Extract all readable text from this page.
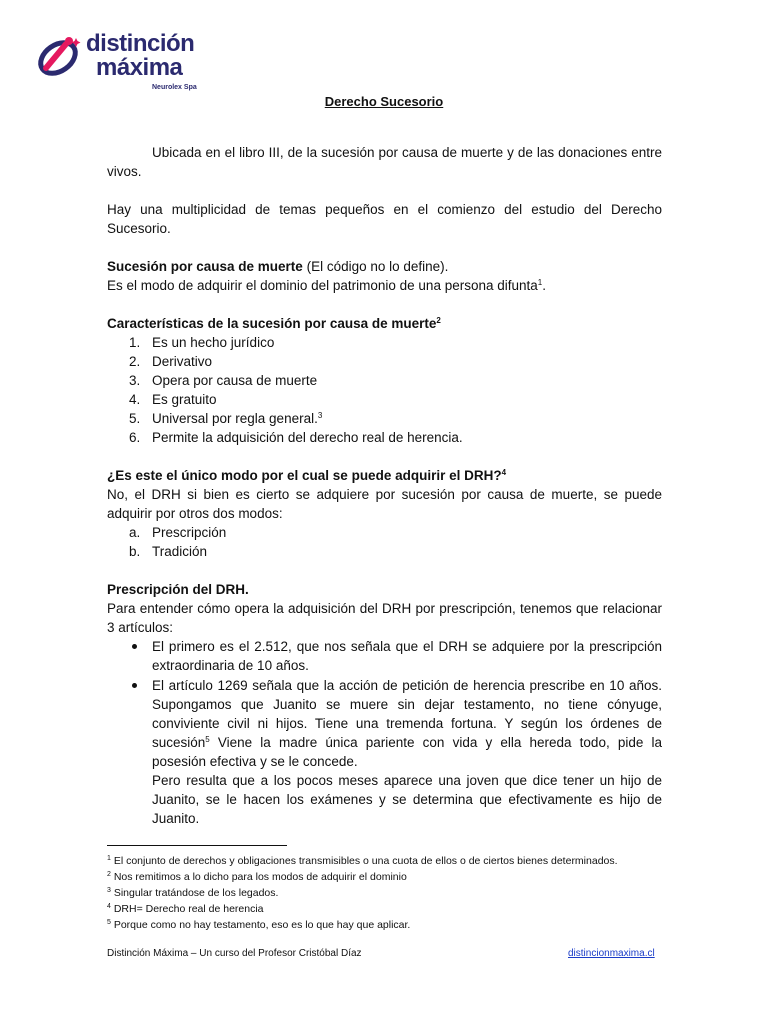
distinción
máxima
Neurolex Spa
Derecho Sucesorio

Ubicada en el libro III, de la sucesión por causa de muerte y de las donaciones entre vivos.

Hay una multiplicidad de temas pequeños en el comienzo del estudio del Derecho Sucesorio.

Sucesión por causa de muerte (El código no lo define).

Es el modo de adquirir el dominio del patrimonio de una persona difunta$^1$.

Características de la sucesión por causa de muerte$^2$

1. Es un hecho jurídico
2. Derivativo
3. Opera por causa de muerte
4. Es gratuito
5. Universal por regla general.$^3$
6. Permite la adquisición del derecho real de herencia.

¿Es este el único modo por el cual se puede adquirir el DRH?$^4$

No, el DRH si bien es cierto se adquiere por sucesión por causa de muerte, se puede adquirir por otros dos modos:

a. Prescripción
b. Tradición

Prescripción del DRH.

Para entender cómo opera la adquisición del DRH por prescripción, tenemos que relacionar 3 artículos:

El primero es el 2.512, que nos señala que el DRH se adquiere por la prescripción extraordinaria de 10 años.

El artículo 1269 señala que la acción de petición de herencia prescribe en 10 años. Supongamos que Juanito se muere sin dejar testamento, no tiene cónyuge, conviviente civil ni hijos. Tiene una tremenda fortuna. Y según los órdenes de sucesión$^5$ Viene la madre única pariente con vida y ella hereda todo, pide la posesión efectiva y se le concede.

Pero resulta que a los pocos meses aparece una joven que dice tener un hijo de Juanito, se le hacen los exámenes y se determina que efectivamente es hijo de Juanito.

$^1$ El conjunto de derechos y obligaciones transmisibles o una cuota de ellos o de ciertos bienes determinados.
$^2$ Nos remitimos a lo dicho para los modos de adquirir el dominio
$^3$ Singular tratándose de los legados.
$^4$ DRH= Derecho real de herencia
$^5$ Porque como no hay testamento, eso es lo que hay que aplicar.
Distinción Máxima – Un curso del Profesor Cristóbal Díaz	distincionmaxima.cl
